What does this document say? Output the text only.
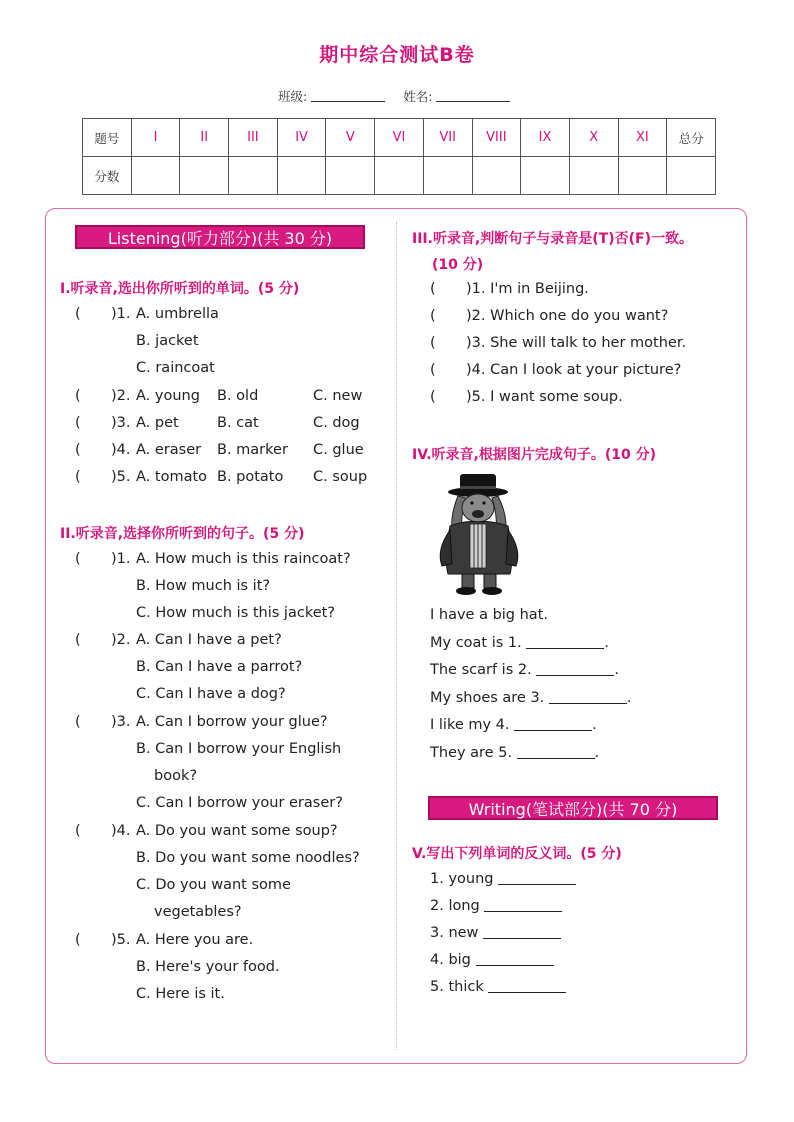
期中综合测试B卷
班级:	姓名:
题号	I	II	III	IV	V	VI	VII	VIII	IX	X	XI	总分
分数												
Listening(听力部分)(共 30 分)
I.听录音,选出你所听到的单词。(5 分)
( )1. A. umbrella
B. jacket
C. raincoat
( )2. A. young B. old	C. new
( )3. A. pet	B. cat	C. dog
( )4. A. eraser B. marker C. glue
( )5. A. tomato B. potato C. soup
II.听录音,选择你所听到的句子。(5 分)
( )1. A. How much is this raincoat?
B. How much is it?
C. How much is this jacket?
( )2. A. Can I have a pet?
B. Can I have a parrot?
C. Can I have a dog?
( )3. A. Can I borrow your glue?
B. Can I borrow your English
book?
C. Can I borrow your eraser?
( )4. A. Do you want some soup?
B. Do you want some noodles?
C. Do you want some
vegetables?
( )5. A. Here you are.
B. Here's your food.
C. Here is it.
III.听录音,判断句子与录音是(T)否(F)一致。
(10 分)
( )1. I'm in Beijing.
( )2. Which one do you want?
( )3. She will talk to her mother.
( )4. Can I look at your picture?
( )5. I want some soup.
IV.听录音,根据图片完成句子。(10 分)
I have a big hat.
My coat is 1.	.
The scarf is 2.	.
My shoes are 3.	.
I like my 4.	.
They are 5.	.
Writing(笔试部分)(共 70 分)
V.写出下列单词的反义词。(5 分)
1. young
2. long
3. new
4. big
5. thick
